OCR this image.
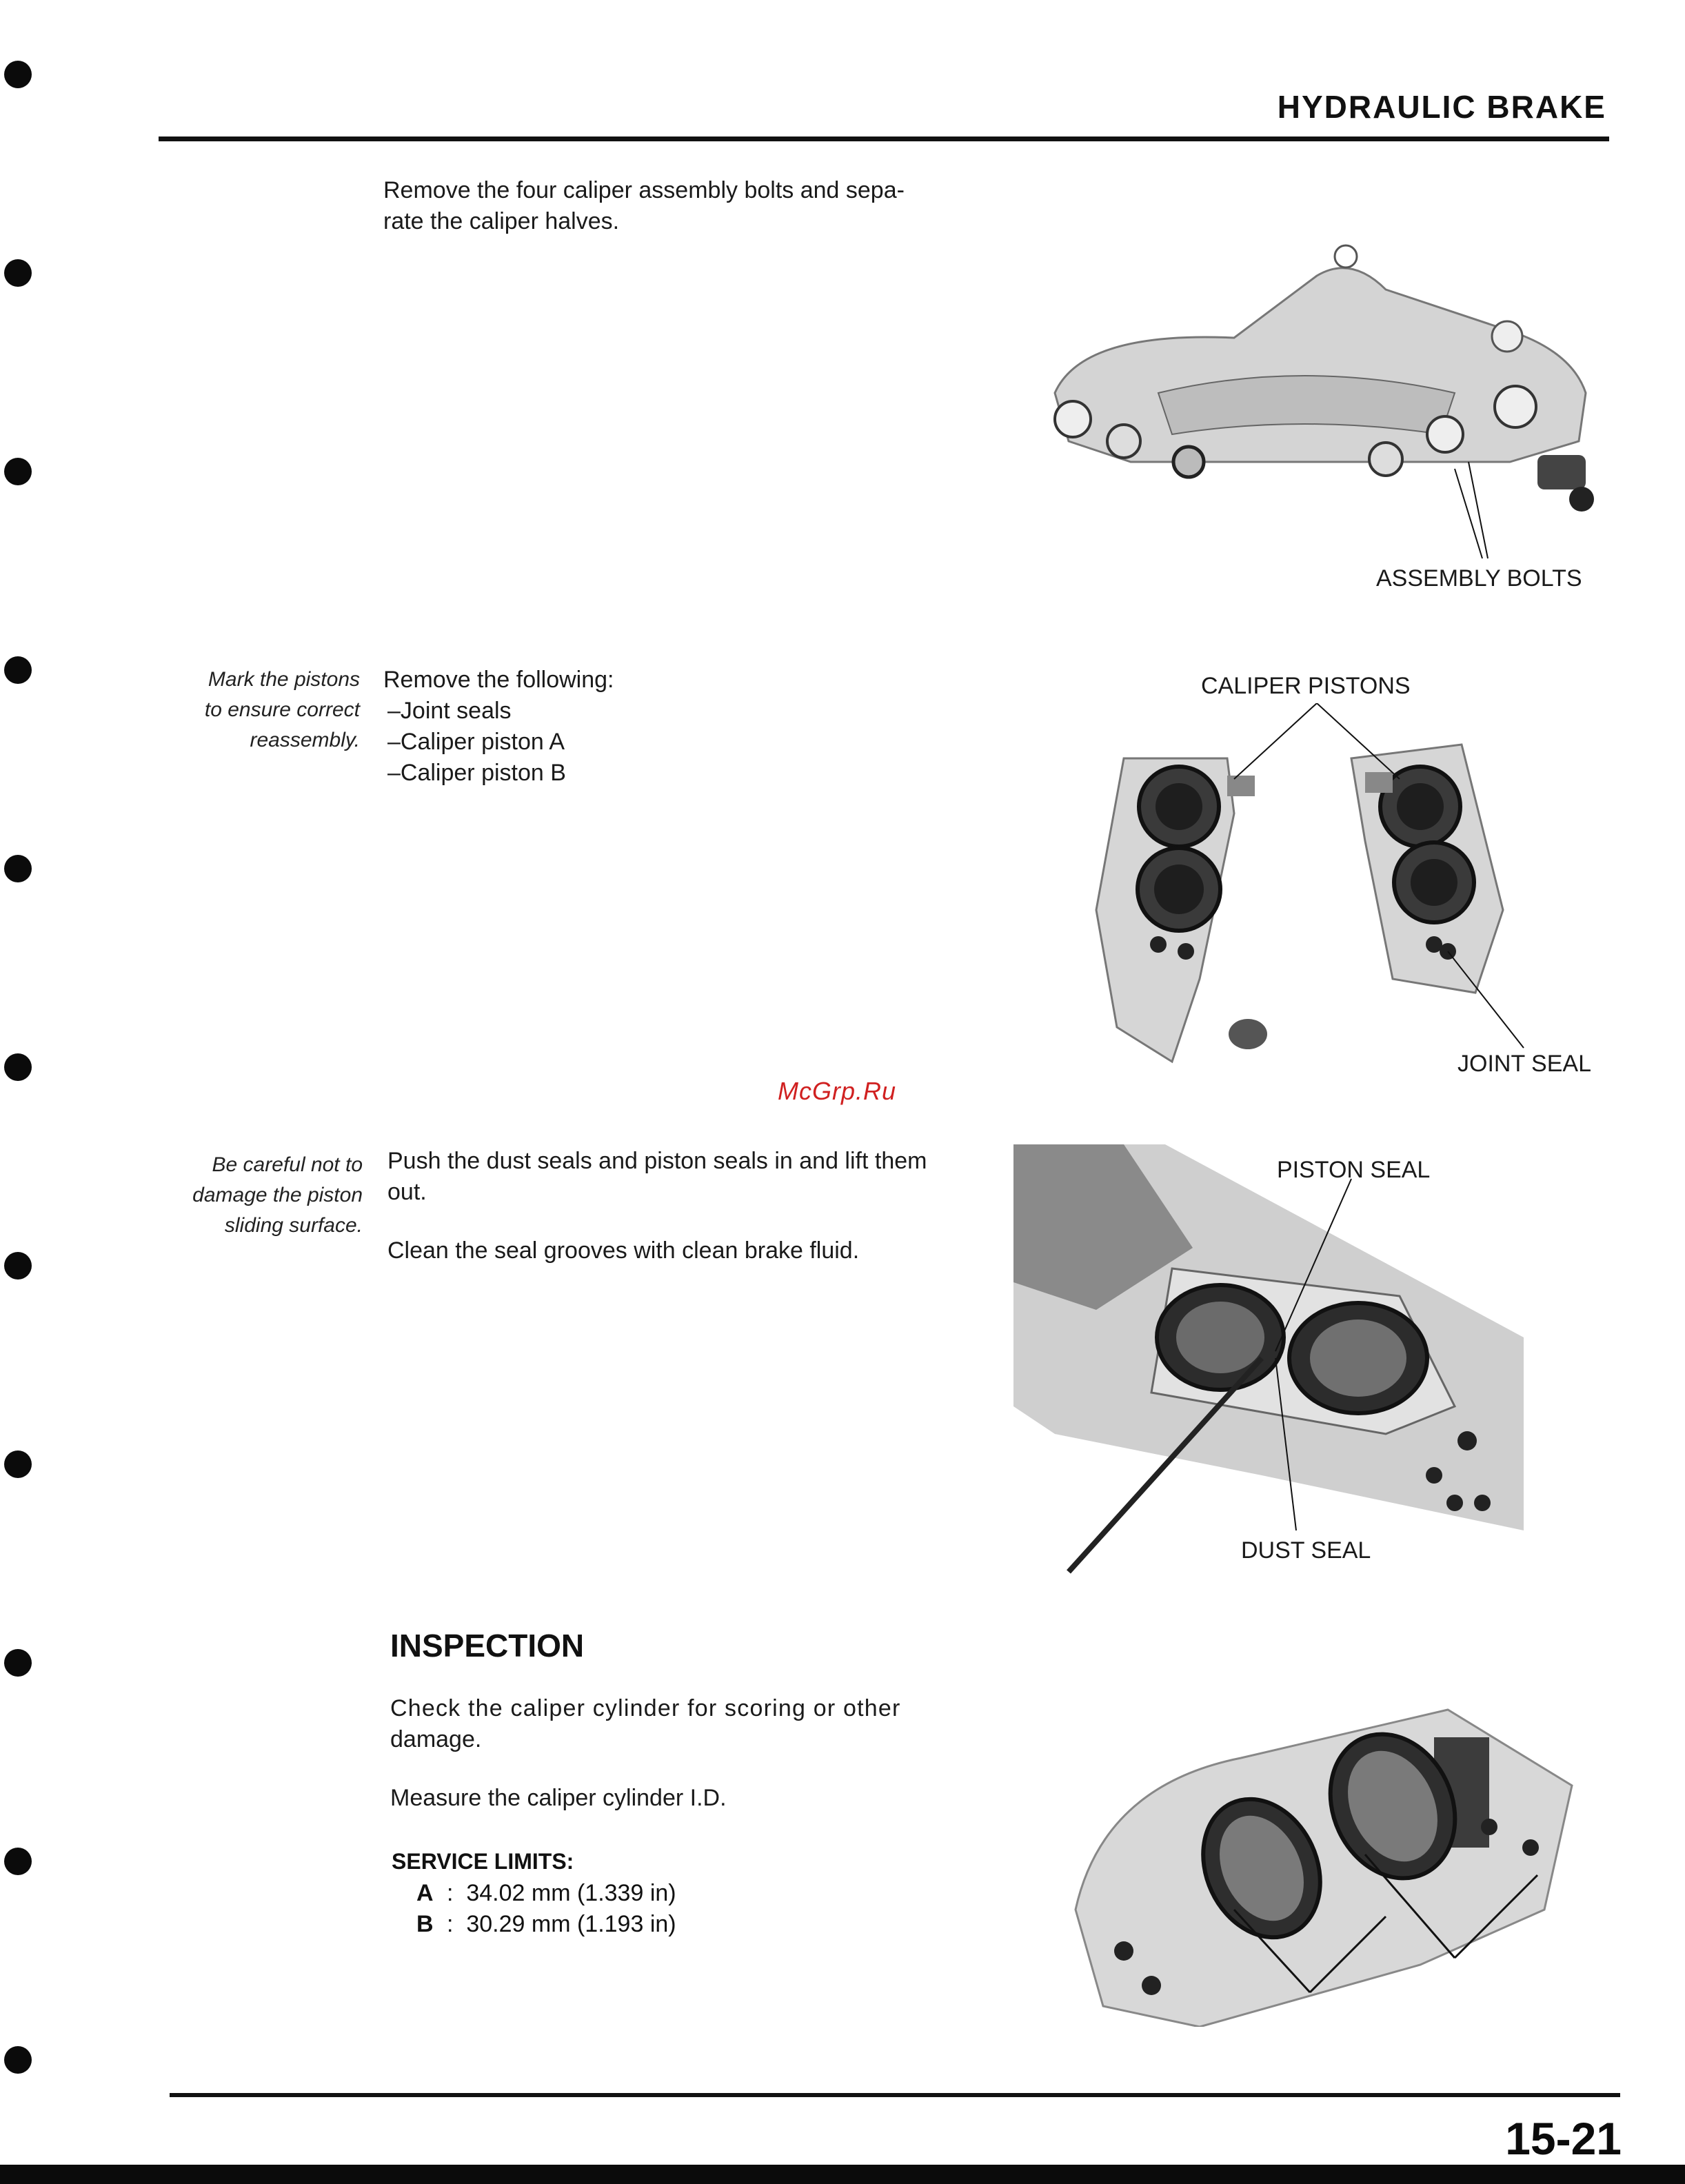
HYDRAULIC BRAKE
Remove the four caliper assembly bolts and sepa-
rate the caliper halves.
ASSEMBLY BOLTS
Mark the pistons
to ensure correct
reassembly.
Remove the following:
–Joint seals
–Caliper piston A
–Caliper piston B
CALIPER PISTONS
JOINT SEAL
McGrp.Ru
Be careful not to
damage the piston
sliding surface.
Push the dust seals and piston seals in and lift them
out.
Clean the seal grooves with clean brake fluid.
PISTON SEAL
DUST SEAL
INSPECTION
Check the caliper cylinder for scoring or other
damage.
Measure the caliper cylinder I.D.
SERVICE LIMITS:
A :  34.02 mm (1.339 in)
B :  30.29 mm (1.193 in)
15-21
